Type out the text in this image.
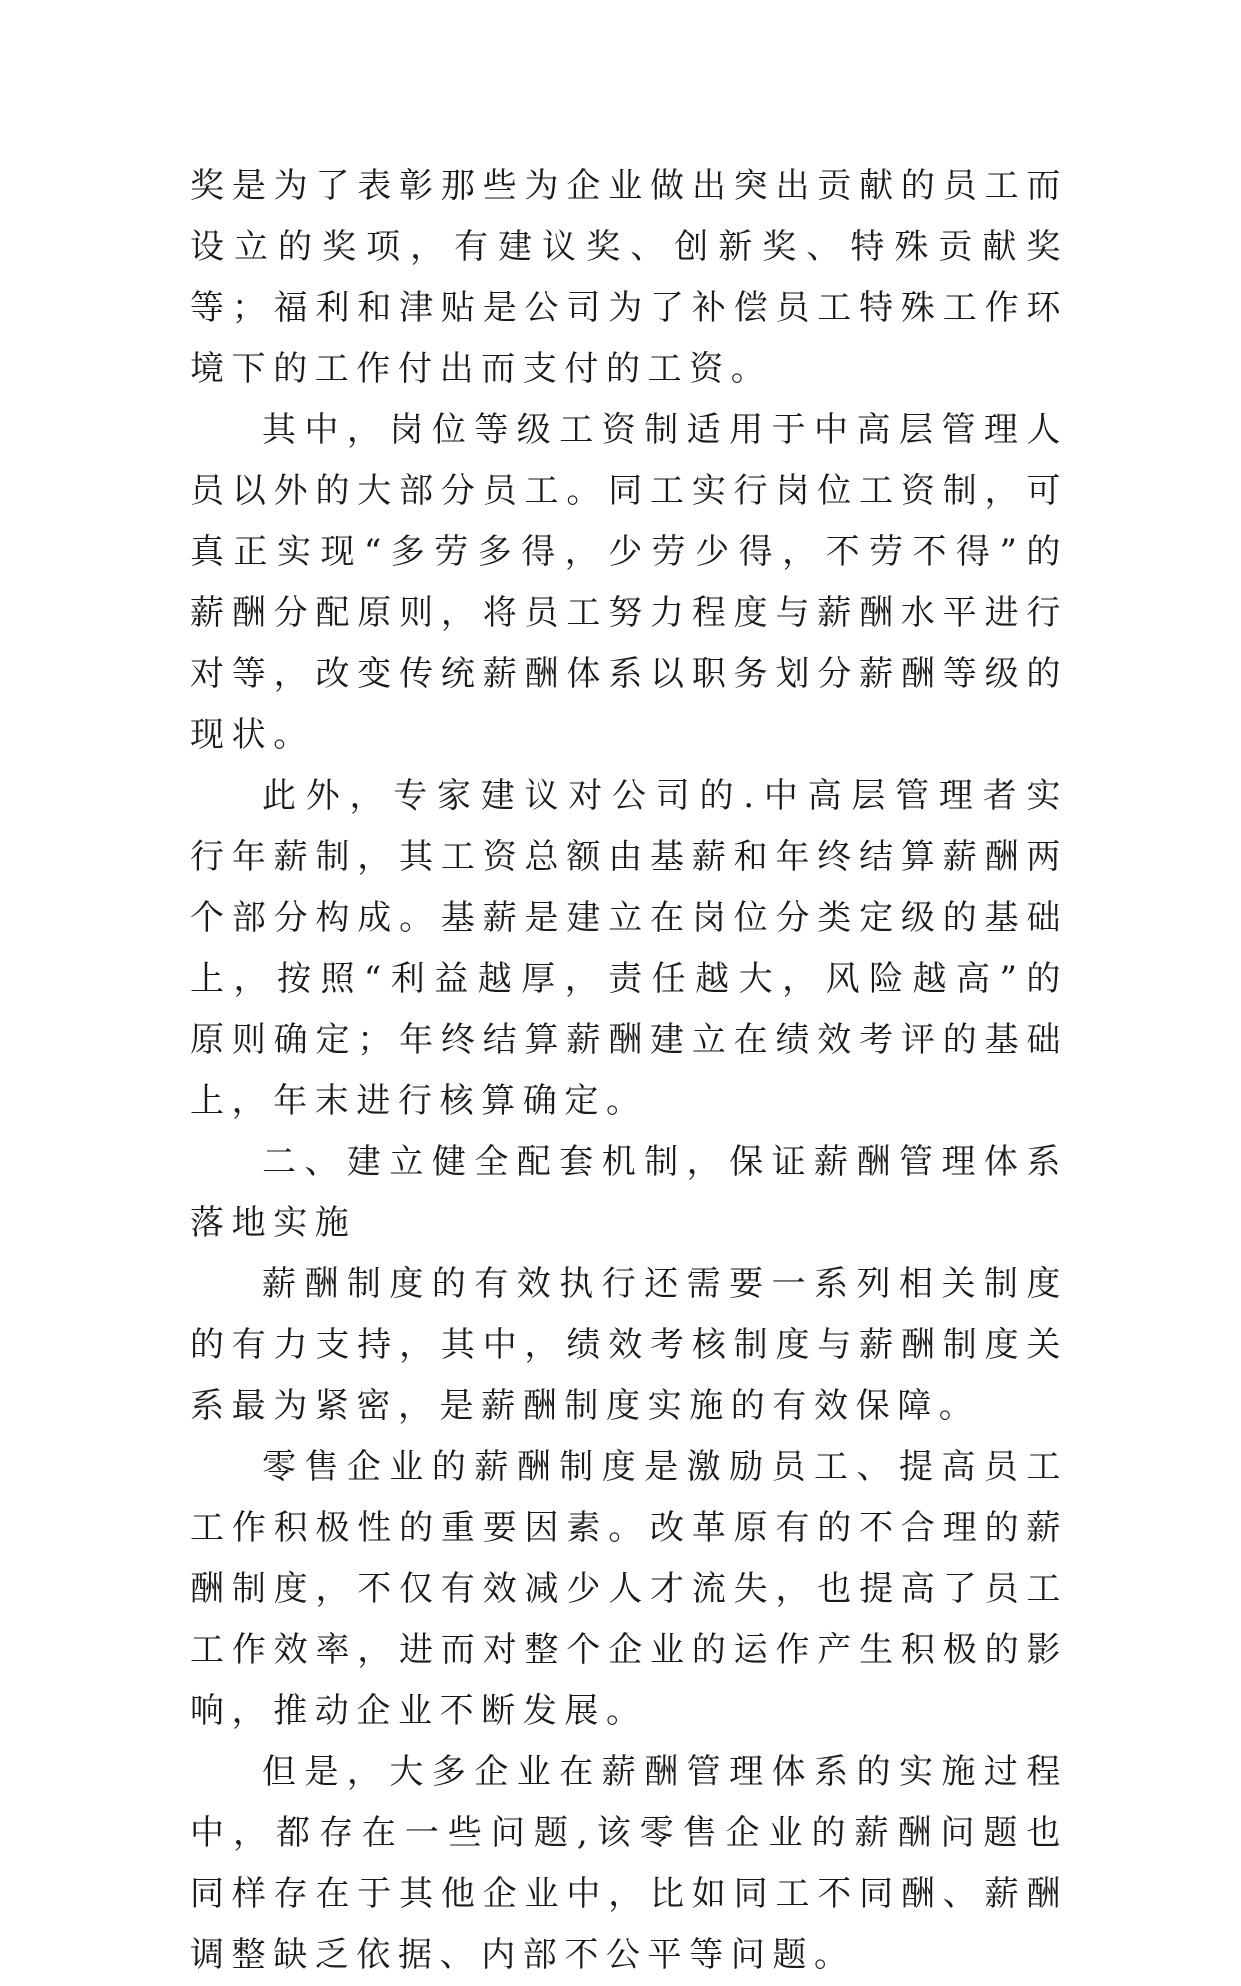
奖是为了表彰那些为企业做出突出贡献的员工而设立的奖项，有建议奖、创新奖、特殊贡献奖等；福利和津贴是公司为了补偿员工特殊工作环境下的工作付出而支付的工资。

其中，岗位等级工资制适用于中高层管理人员以外的大部分员工。同工实行岗位工资制，可真正实现“多劳多得，少劳少得，不劳不得”的薪酬分配原则，将员工努力程度与薪酬水平进行对等，改变传统薪酬体系以职务划分薪酬等级的现状。

此外，专家建议对公司的.中高层管理者实行年薪制，其工资总额由基薪和年终结算薪酬两个部分构成。基薪是建立在岗位分类定级的基础上，按照“利益越厚，责任越大，风险越高”的原则确定；年终结算薪酬建立在绩效考评的基础上，年末进行核算确定。

二、建立健全配套机制，保证薪酬管理体系落地实施

薪酬制度的有效执行还需要一系列相关制度的有力支持，其中，绩效考核制度与薪酬制度关系最为紧密，是薪酬制度实施的有效保障。

零售企业的薪酬制度是激励员工、提高员工工作积极性的重要因素。改革原有的不合理的薪酬制度，不仅有效减少人才流失，也提高了员工工作效率，进而对整个企业的运作产生积极的影响，推动企业不断发展。

但是，大多企业在薪酬管理体系的实施过程中，都存在一些问题,该零售企业的薪酬问题也同样存在于其他企业中，比如同工不同酬、薪酬调整缺乏依据、内部不公平等问题。
